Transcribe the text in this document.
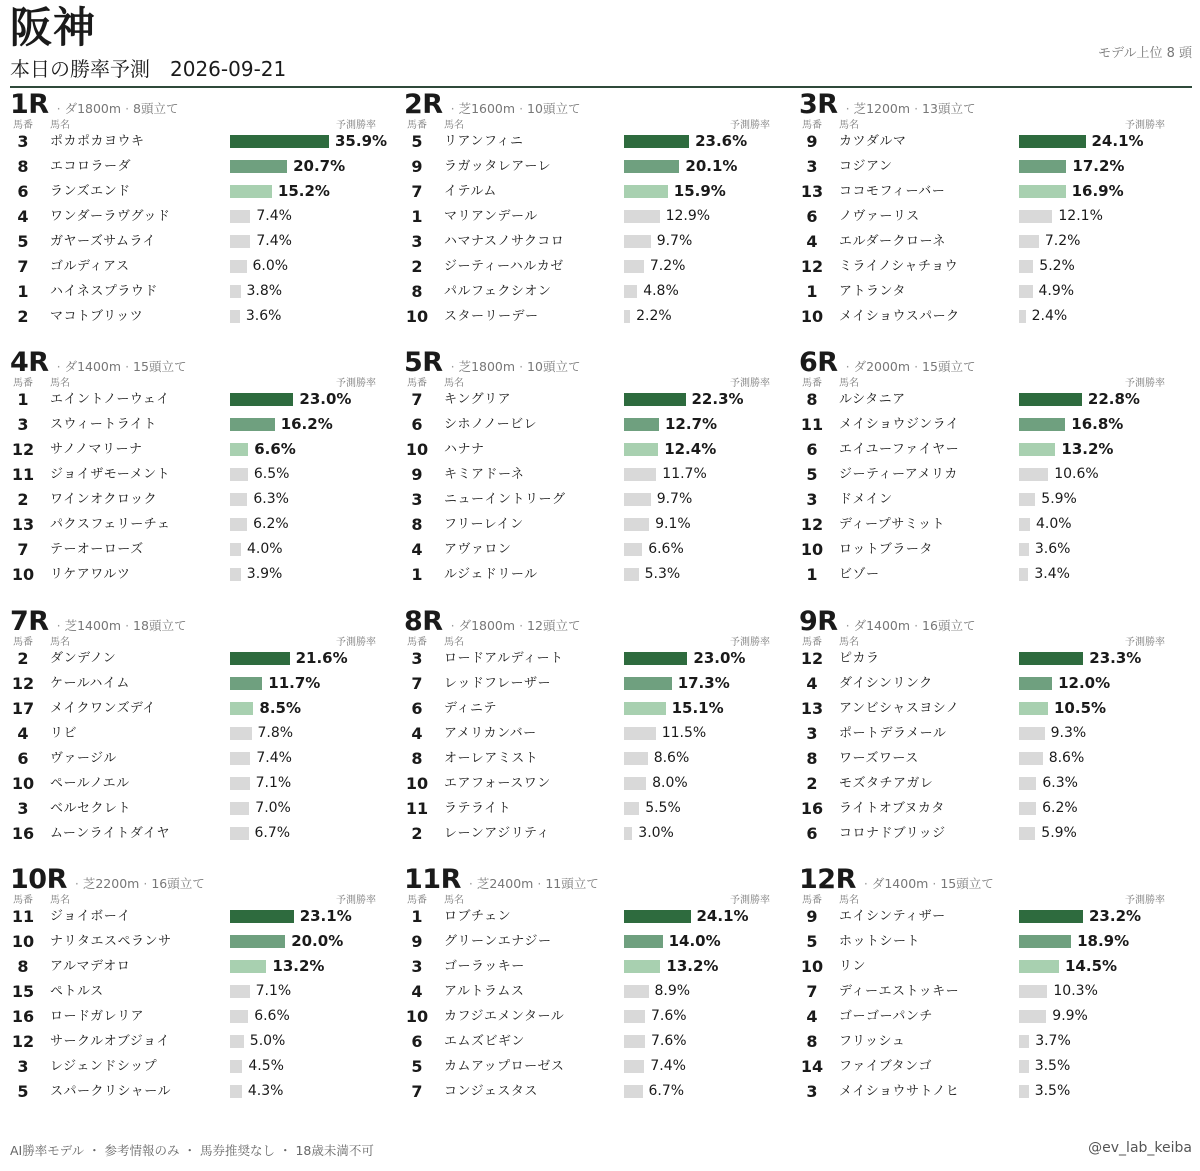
阪神
本日の勝率予測　2026-09-21
モデル上位 8 頭
1R · ダ1800m · 8頭立て
馬番 馬名	予測勝率
3	ポカポカヨウキ	35.9%
8	エコロラーダ	20.7%
6	ランズエンド	15.2%
4	ワンダーラヴグッド	7.4%
5	ガヤーズサムライ	7.4%
7	ゴルディアス	6.0%
1	ハイネスプラウド	3.8%
2	マコトブリッツ	3.6%
2R · 芝1600m · 10頭立て
馬番 馬名	予測勝率
5	リアンフィニ	23.6%
9	ラガッタレアーレ	20.1%
7	イテルム	15.9%
1	マリアンデール	12.9%
3	ハマナスノサクコロ	9.7%
2	ジーティーハルカゼ	7.2%
8	パルフェクシオン	4.8%
10 スターリーデー	2.2%
3R · 芝1200m · 13頭立て
馬番 馬名	予測勝率
9	カツダルマ	24.1%
3	コジアン	17.2%
13 ココモフィーバー	16.9%
6	ノヴァーリス	12.1%
4	エルダークローネ	7.2%
12 ミライノシャチョウ	5.2%
1	アトランタ	4.9%
10 メイショウスパーク	2.4%
4R · ダ1400m · 15頭立て
馬番 馬名	予測勝率
1	エイントノーウェイ	23.0%
3	スウィートライト	16.2%
12 サノノマリーナ	6.6%
11 ジョイザモーメント	6.5%
2	ワインオクロック	6.3%
13 パクスフェリーチェ	6.2%
7	テーオーローズ	4.0%
10 リケアワルツ	3.9%
5R · 芝1800m · 10頭立て
馬番 馬名	予測勝率
7	キングリア	22.3%
6	シホノノービレ	12.7%
10 ハナナ	12.4%
9	キミアドーネ	11.7%
3	ニューイントリーグ	9.7%
8	フリーレイン	9.1%
4	アヴァロン	6.6%
1	ルジェドリール	5.3%
6R · ダ2000m · 15頭立て
馬番 馬名	予測勝率
8	ルシタニア	22.8%
11 メイショウジンライ	16.8%
6	エイユーファイヤー	13.2%
5	ジーティーアメリカ	10.6%
3	ドメイン	5.9%
12 ディープサミット	4.0%
10 ロットブラータ	3.6%
1	ビゾー	3.4%
7R · 芝1400m · 18頭立て
馬番 馬名	予測勝率
2	ダンデノン	21.6%
12 ケールハイム	11.7%
17 メイクワンズデイ	8.5%
4	リビ	7.8%
6	ヴァージル	7.4%
10 ペールノエル	7.1%
3	ベルセクレト	7.0%
16 ムーンライトダイヤ	6.7%
8R · ダ1800m · 12頭立て
馬番 馬名	予測勝率
3	ロードアルディート	23.0%
7	レッドフレーザー	17.3%
6	ディニテ	15.1%
4	アメリカンバー	11.5%
8	オーレアミスト	8.6%
10 エアフォースワン	8.0%
11 ラテライト	5.5%
2	レーンアジリティ	3.0%
9R · ダ1400m · 16頭立て
馬番 馬名	予測勝率
12 ピカラ	23.3%
4	ダイシンリンク	12.0%
13 アンビシャスヨシノ	10.5%
3	ポートデラメール	9.3%
8	ワーズワース	8.6%
2	モズタチアガレ	6.3%
16 ライトオブヌカタ	6.2%
6	コロナドブリッジ	5.9%
10R · 芝2200m · 16頭立て
馬番 馬名	予測勝率
11 ジョイボーイ	23.1%
10 ナリタエスペランサ	20.0%
8	アルマデオロ	13.2%
15 ペトルス	7.1%
16 ロードガレリア	6.6%
12 サークルオブジョイ	5.0%
3	レジェンドシップ	4.5%
5	スパークリシャール	4.3%
11R · 芝2400m · 11頭立て
馬番 馬名	予測勝率
1	ロブチェン	24.1%
9	グリーンエナジー	14.0%
3	ゴーラッキー	13.2%
4	アルトラムス	8.9%
10 カフジエメンタール	7.6%
6	エムズビギン	7.6%
5	カムアップローゼス	7.4%
7	コンジェスタス	6.7%
12R · ダ1400m · 15頭立て
馬番 馬名	予測勝率
9	エイシンティザー	23.2%
5	ホットシート	18.9%
10 リン	14.5%
7	ディーエストッキー	10.3%
4	ゴーゴーパンチ	9.9%
8	フリッシュ	3.7%
14 ファイブタンゴ	3.5%
3	メイショウサトノヒ	3.5%
AI勝率モデル ・ 参考情報のみ ・ 馬券推奨なし ・ 18歳未満不可	@ev_lab_keiba
